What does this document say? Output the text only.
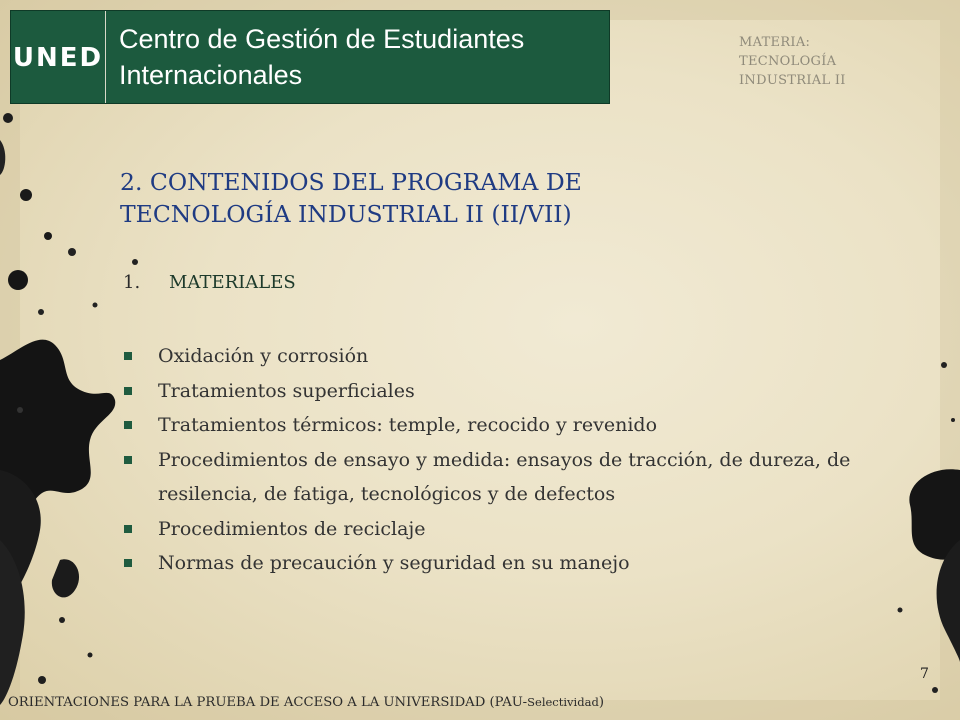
UNED
Centro de Gestión de Estudiantes
Internacionales
MATERIA:
TECNOLOGÍA
INDUSTRIAL II
2. CONTENIDOS DEL PROGRAMA DE
TECNOLOGÍA INDUSTRIAL II (II/VII)
1. MATERIALES
Oxidación y corrosión
Tratamientos superficiales
Tratamientos térmicos: temple, recocido y revenido
Procedimientos de ensayo y medida: ensayos de tracción, de dureza, de resilencia, de fatiga, tecnológicos y de defectos
Procedimientos de reciclaje
Normas de precaución y seguridad en su manejo
7
ORIENTACIONES PARA LA PRUEBA DE ACCESO A LA UNIVERSIDAD (PAU-Selectividad)
